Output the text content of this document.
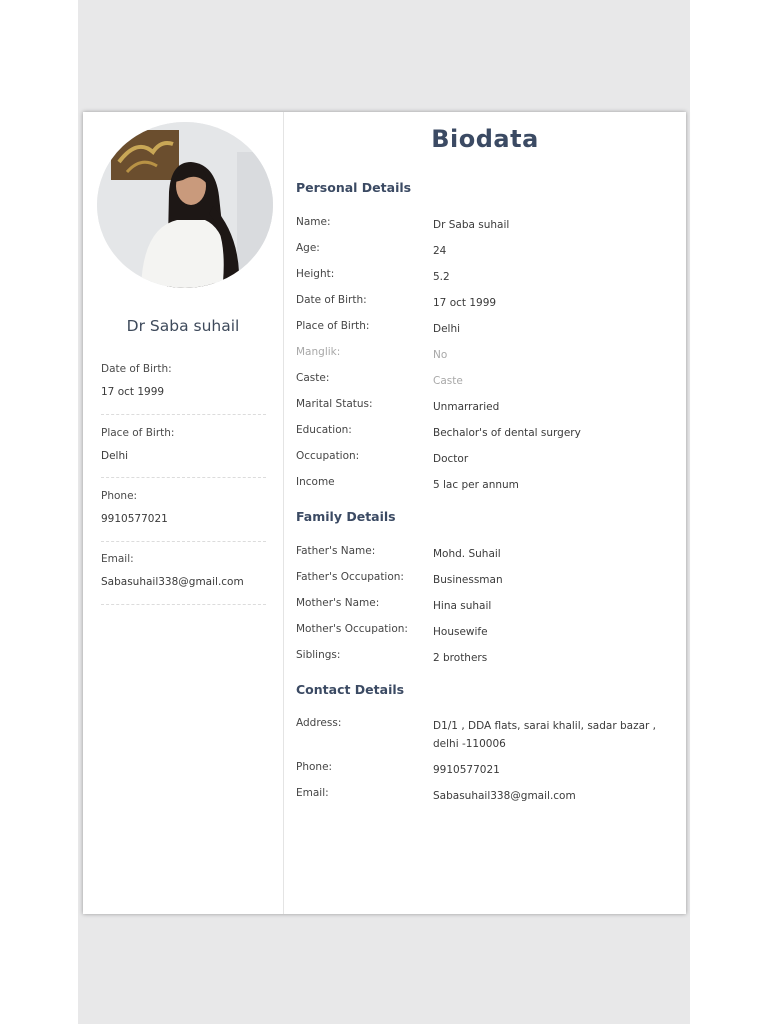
Dr Saba suhail
Date of Birth:
17 oct 1999
Place of Birth:
Delhi
Phone:
9910577021
Email:
Sabasuhail338@gmail.com
Biodata
Personal Details
Name:	Dr Saba suhail
Age:	24
Height:	5.2
Date of Birth:	17 oct 1999
Place of Birth:	Delhi
Manglik:	No
Caste:	Caste
Marital Status:	Unmarraried
Education:	Bechalor's of dental surgery
Occupation:	Doctor
Income	5 lac per annum
Family Details
Father's Name:	Mohd. Suhail
Father's Occupation:	Businessman
Mother's Name:	Hina suhail
Mother's Occupation:	Housewife
Siblings:	2 brothers
Contact Details
Address:	D1/1 , DDA flats, sarai khalil, sadar bazar , delhi -110006
Phone:	9910577021
Email:	Sabasuhail338@gmail.com
